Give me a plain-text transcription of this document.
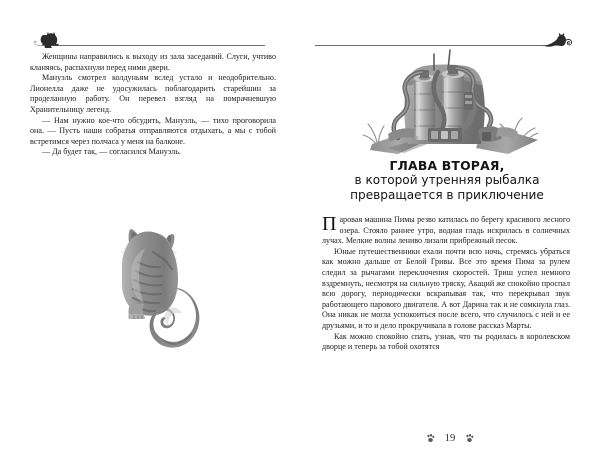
Женщины направились к выходу из зала заседаний. Слуги, учтиво кланяясь, распахнули перед ними двери.

Мануэль смотрел колдуньям вслед устало и неодобрительно. Лионелла даже не удосужилась поблагодарить старейшин за проделанную работу. Он перевел взгляд на помрачневшую Хранительницу легенд.

— Нам нужно кое-что обсудить, Мануэль, — тихо проговорила она. — Пусть наши собратья отправляются отдыхать, а мы с тобой встретимся через полчаса у меня на балконе.

— Да будет так, — согласился Мануэль.

ГЛАВА ВТОРАЯ,
в которой утренняя рыбалка
превращается в приключение

Паровая машина Пимы резво катилась по берегу красивого лесного озера. Стояло раннее утро, водная гладь искрилась в солнечных лучах. Мелкие волны лениво лизали прибрежный песок.

Юные путешественники ехали почти всю ночь, стремясь убраться как можно дальше от Белой Гривы. Все это время Пима за рулем следил за рычагами переключения скоростей. Триш успел немного вздремнуть, несмотря на сильную тряску, Акаций же спокойно проспал всю дорогу, периодически вскрапывая так, что перекрывал звук работающего парового двигателя. А вот Дарина так и не сомкнула глаз. Она никак не могла успокоиться после всего, что случилось с ней и ее друзьями, и то и дело прокручивала в голове рассказ Марты.

Как можно спокойно спать, узнав, что ты родилась в королевском дворце и теперь за тобой охотятся

19
